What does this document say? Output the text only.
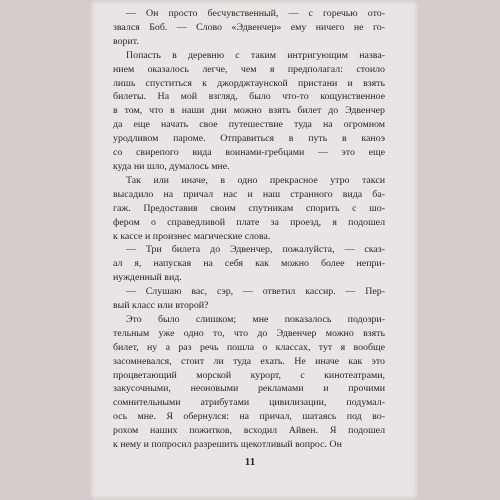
— Он просто бесчувственный, — с горечью ото-
звался Боб. — Слово «Эдвенчер» ему ничего не го-
ворит.

Попасть в деревню с таким интригующим назва-
нием оказалось легче, чем я предполагал: стоило
лишь спуститься к джорджтаунской пристани и взять
билеты. На мой взгляд, было что-то кощунственное
в том, что в наши дни можно взять билет до Эдвенчер
да еще начать свое путешествие туда на огромном
уродливом пароме. Отправиться в путь в каноэ
со свирепого вида воинами-гребцами — это еще
куда ни шло, думалось мне.

Так или иначе, в одно прекрасное утро такси
высадило на причал нас и наш странного вида ба-
гаж. Предоставив своим спутникам спорить с шо-
фером о справедливой плате за проезд, я подошел
к кассе и произнес магические слова.

— Три билета до Эдвенчер, пожалуйста, — сказ-
ал я, напуская на себя как можно более непри-
нужденный вид.

— Слушаю вас, сэр, — ответил кассир. — Пер-
вый класс или второй?

Это было слишком; мне показалось подозри-
тельным уже одно то, что до Эдвенчер можно взять
билет, ну а раз речь пошла о классах, тут я вообще
засомневался, стоит ли туда ехать. Не иначе как это
процветающий морской курорт, с кинотеатрами,
закусочными, неоновыми рекламами и прочими
сомнительными атрибутами цивилизации, подумал-
ось мне. Я обернулся: на причал, шатаясь под во-
рохом наших пожитков, всходил Айвен. Я подошел
к нему и попросил разрешить щекотливый вопрос. Он

11
